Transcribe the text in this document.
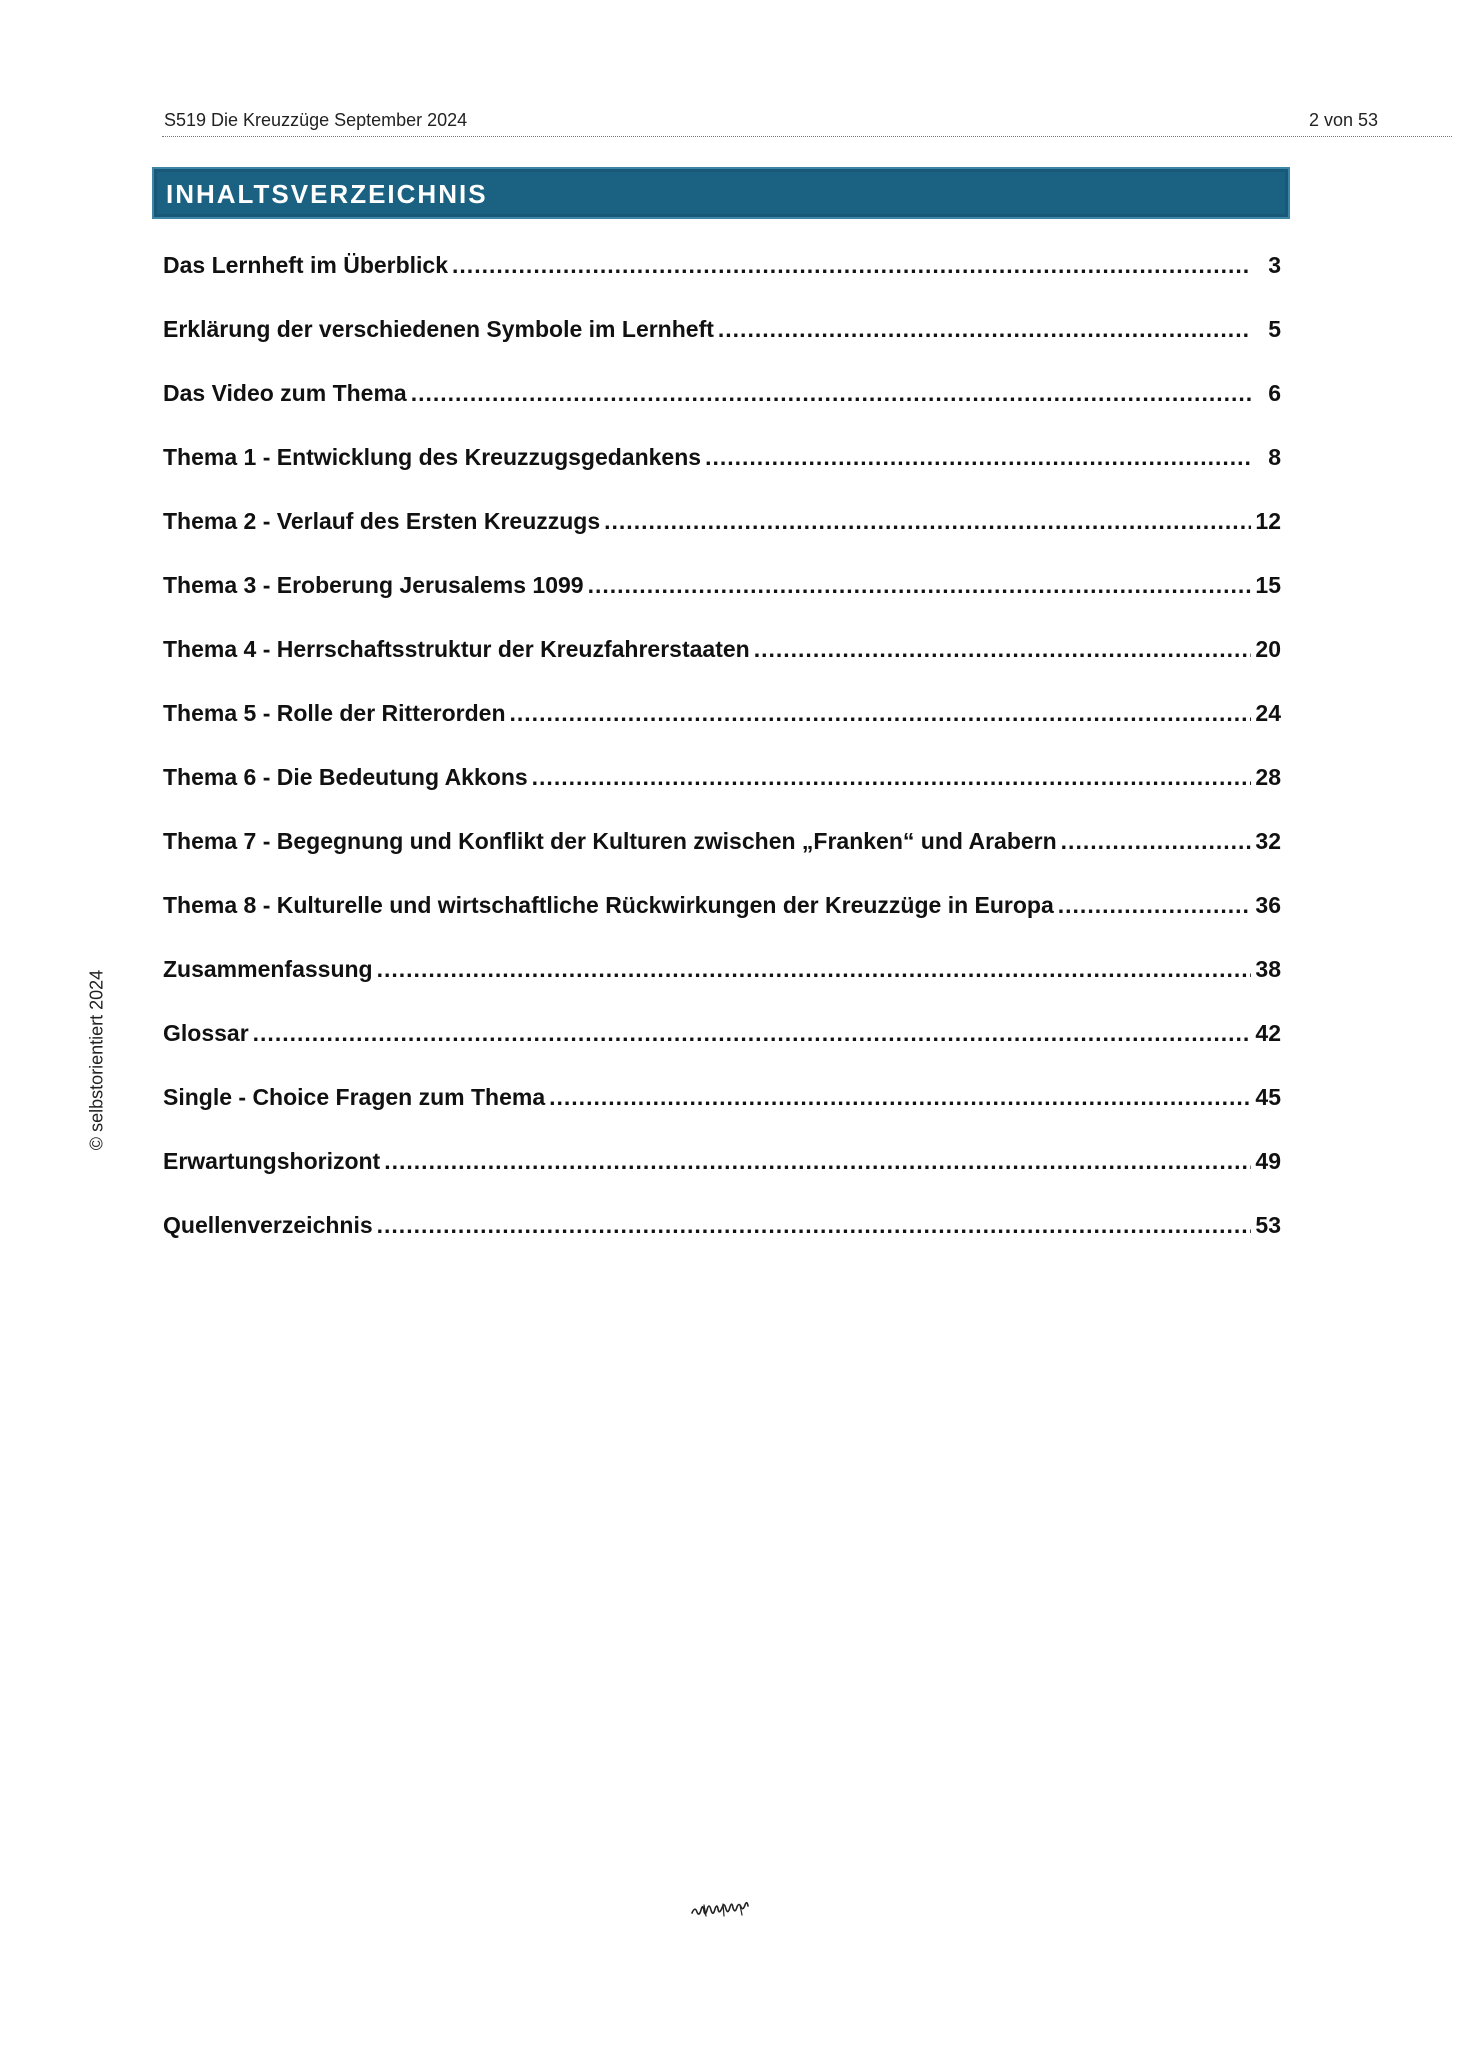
S519 Die Kreuzzüge September 2024	2 von 53
INHALTSVERZEICHNIS
Das Lernheft im Überblick .....	3
Erklärung der verschiedenen Symbole im Lernheft .....	5
Das Video zum Thema .....	6
Thema 1 - Entwicklung des Kreuzzugsgedankens .....	8
Thema 2 - Verlauf des Ersten Kreuzzugs .....	12
Thema 3 - Eroberung Jerusalems 1099 .....	15
Thema 4 - Herrschaftsstruktur der Kreuzfahrerstaaten .....	20
Thema 5 - Rolle der Ritterorden .....	24
Thema 6 - Die Bedeutung Akkons .....	28
Thema 7 - Begegnung und Konflikt der Kulturen zwischen „Franken“ und Arabern .....	32
Thema 8 - Kulturelle und wirtschaftliche Rückwirkungen der Kreuzzüge in Europa .....	36
Zusammenfassung .....	38
Glossar .....	42
Single - Choice Fragen zum Thema .....	45
Erwartungshorizont .....	49
Quellenverzeichnis .....	53
© selbstorientiert 2024
